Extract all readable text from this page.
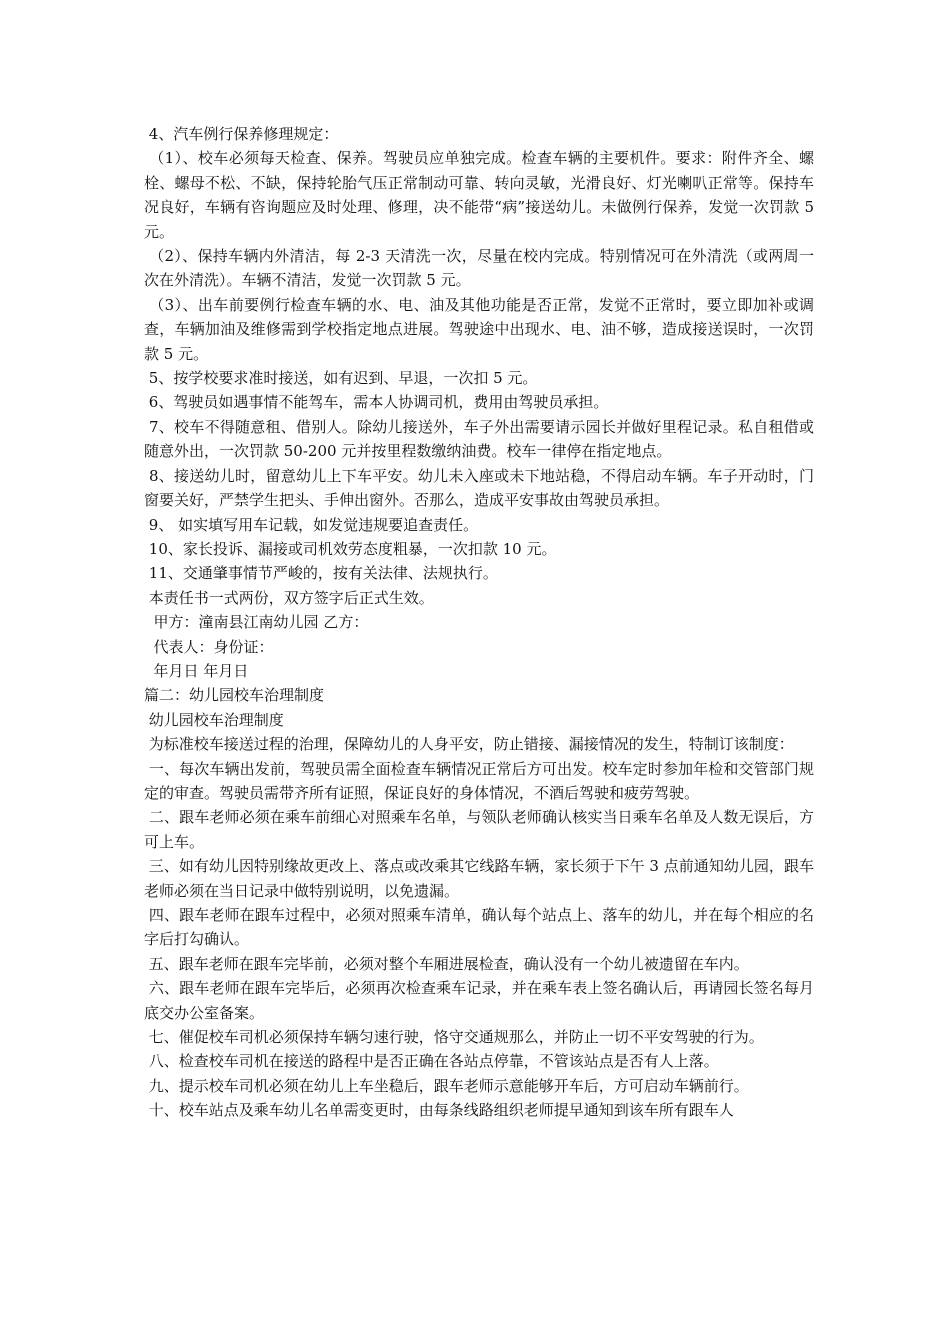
4、汽车例行保养修理规定：

（1）、校车必须每天检查、保养。驾驶员应单独完成。检查车辆的主要机件。要求：附件齐全、螺栓、螺母不松、不缺，保持轮胎气压正常制动可靠、转向灵敏，光滑良好、灯光喇叭正常等。保持车况良好，车辆有咨询题应及时处理、修理，决不能带“病”接送幼儿。未做例行保养，发觉一次罚款 5 元。

（2）、保持车辆内外清洁，每 2-3 天清洗一次，尽量在校内完成。特别情况可在外清洗（或两周一次在外清洗）。车辆不清洁，发觉一次罚款 5 元。

（3）、出车前要例行检查车辆的水、电、油及其他功能是否正常，发觉不正常时，要立即加补或调查，车辆加油及维修需到学校指定地点进展。驾驶途中出现水、电、油不够，造成接送误时，一次罚款 5 元。

5、按学校要求准时接送，如有迟到、早退，一次扣 5 元。

6、驾驶员如遇事情不能驾车，需本人协调司机，费用由驾驶员承担。

7、校车不得随意租、借别人。除幼儿接送外，车子外出需要请示园长并做好里程记录。私自租借或随意外出，一次罚款 50-200 元并按里程数缴纳油费。校车一律停在指定地点。

8、接送幼儿时，留意幼儿上下车平安。幼儿未入座或未下地站稳，不得启动车辆。车子开动时，门窗要关好，严禁学生把头、手伸出窗外。否那么，造成平安事故由驾驶员承担。

9、 如实填写用车记载，如发觉违规要追查责任。

10、家长投诉、漏接或司机效劳态度粗暴，一次扣款 10 元。

11、交通肇事情节严峻的，按有关法律、法规执行。

本责任书一式两份，双方签字后正式生效。

甲方：潼南县江南幼儿园 乙方：

代表人：身份证：

年月日 年月日

篇二：幼儿园校车治理制度

幼儿园校车治理制度

为标准校车接送过程的治理，保障幼儿的人身平安，防止错接、漏接情况的发生，特制订该制度：

一、每次车辆出发前，驾驶员需全面检查车辆情况正常后方可出发。校车定时参加年检和交管部门规定的审查。驾驶员需带齐所有证照，保证良好的身体情况，不酒后驾驶和疲劳驾驶。

二、跟车老师必须在乘车前细心对照乘车名单，与领队老师确认核实当日乘车名单及人数无误后，方可上车。

三、如有幼儿因特别缘故更改上、落点或改乘其它线路车辆，家长须于下午 3 点前通知幼儿园，跟车老师必须在当日记录中做特别说明，以免遗漏。

四、跟车老师在跟车过程中，必须对照乘车清单，确认每个站点上、落车的幼儿，并在每个相应的名字后打勾确认。

五、跟车老师在跟车完毕前，必须对整个车厢进展检查，确认没有一个幼儿被遗留在车内。

六、跟车老师在跟车完毕后，必须再次检查乘车记录，并在乘车表上签名确认后，再请园长签名每月底交办公室备案。

七、催促校车司机必须保持车辆匀速行驶，恪守交通规那么，并防止一切不平安驾驶的行为。

八、检查校车司机在接送的路程中是否正确在各站点停靠，不管该站点是否有人上落。

九、提示校车司机必须在幼儿上车坐稳后，跟车老师示意能够开车后，方可启动车辆前行。

十、校车站点及乘车幼儿名单需变更时，由每条线路组织老师提早通知到该车所有跟车人
